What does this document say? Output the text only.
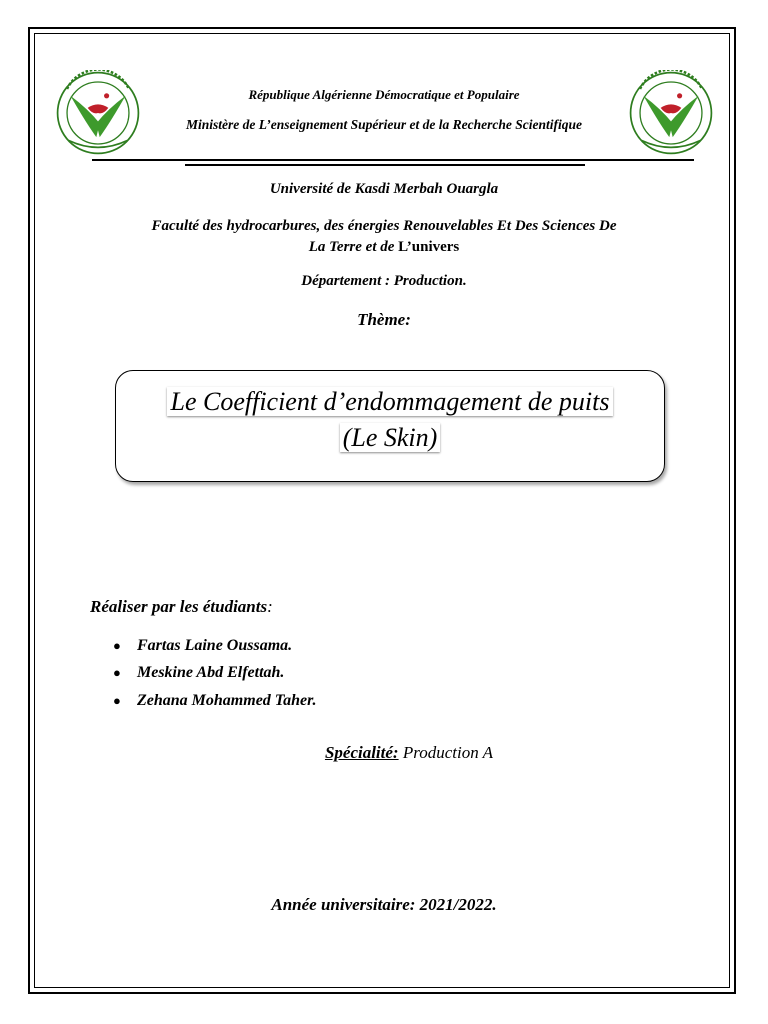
République Algérienne Démocratique et Populaire
Ministère de L’enseignement Supérieur et de la Recherche Scientifique
Université de Kasdi Merbah Ouargla
Faculté des hydrocarbures, des énergies Renouvelables Et Des Sciences De
La Terre et de L’univers
Département : Production.
Thème:
Le Coefficient d’endommagement de puits
(Le Skin)
Réaliser par les étudiants:
● Fartas Laine Oussama.
● Meskine Abd Elfettah.
● Zehana Mohammed Taher.
Spécialité: Production A
Année universitaire: 2021/2022.
